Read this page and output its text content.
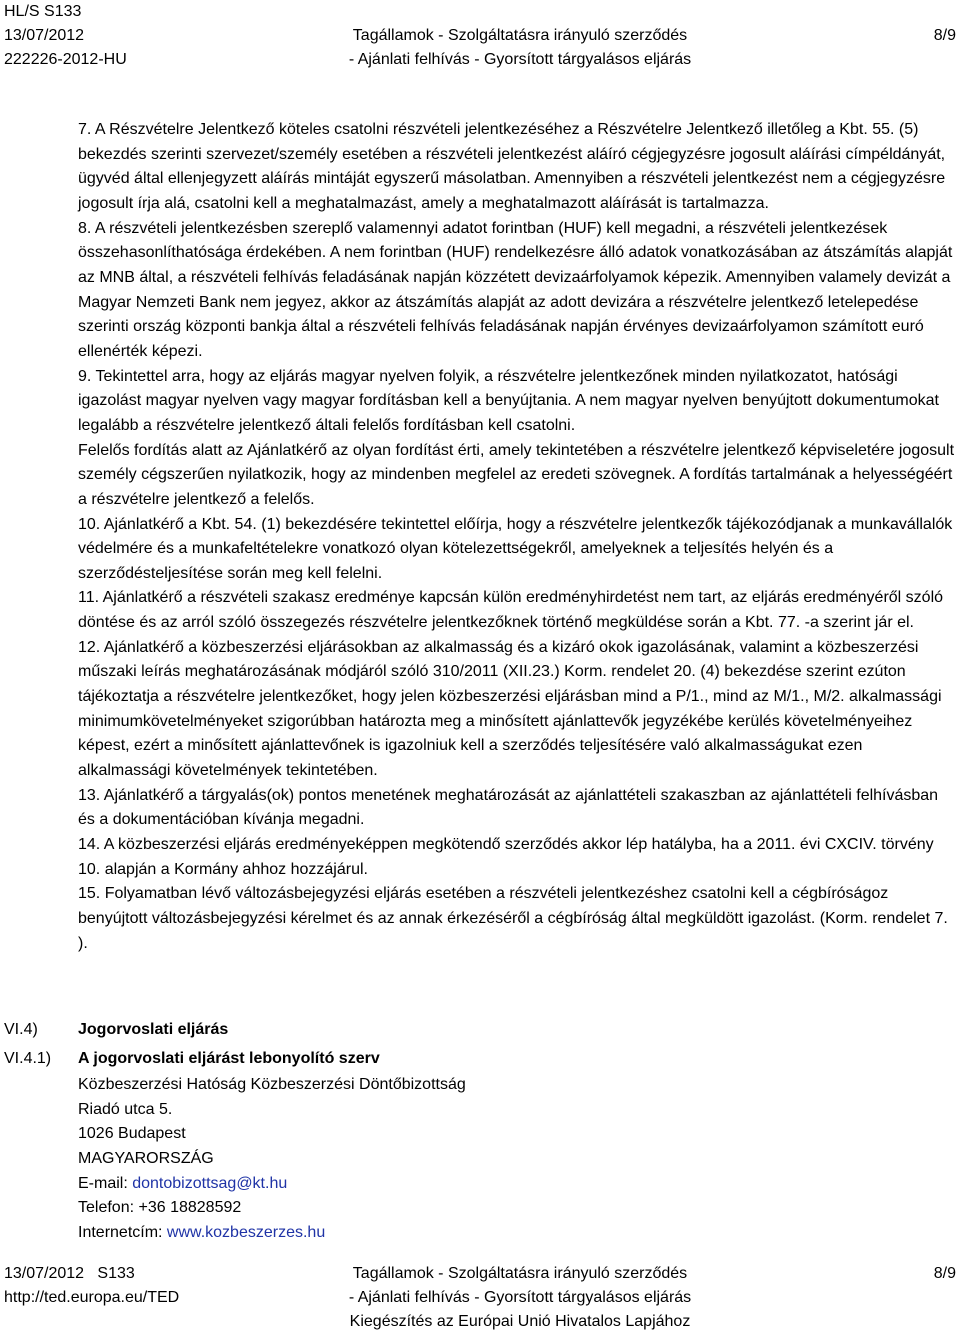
HL/S S133
13/07/2012
222226-2012-HU
Tagállamok - Szolgáltatásra irányuló szerződés
- Ajánlati felhívás - Gyorsított tárgyalásos eljárás
8/9

7. A Részvételre Jelentkező köteles csatolni részvételi jelentkezéséhez a Részvételre Jelentkező illetőleg a Kbt. 55. (5) bekezdés szerinti szervezet/személy esetében a részvételi jelentkezést aláíró cégjegyzésre jogosult aláírási címpéldányát, ügyvéd által ellenjegyzett aláírás mintáját egyszerű másolatban. Amennyiben a részvételi jelentkezést nem a cégjegyzésre jogosult írja alá, csatolni kell a meghatalmazást, amely a meghatalmazott aláírását is tartalmazza.

8. A részvételi jelentkezésben szereplő valamennyi adatot forintban (HUF) kell megadni, a részvételi jelentkezések összehasonlíthatósága érdekében. A nem forintban (HUF) rendelkezésre álló adatok vonatkozásában az átszámítás alapját az MNB által, a részvételi felhívás feladásának napján közzétett devizaárfolyamok képezik. Amennyiben valamely devizát a Magyar Nemzeti Bank nem jegyez, akkor az átszámítás alapját az adott devizára a részvételre jelentkező letelepedése szerinti ország központi bankja által a részvételi felhívás feladásának napján érvényes devizaárfolyamon számított euró ellenérték képezi.

9. Tekintettel arra, hogy az eljárás magyar nyelven folyik, a részvételre jelentkezőnek minden nyilatkozatot, hatósági igazolást magyar nyelven vagy magyar fordításban kell a benyújtania. A nem magyar nyelven benyújtott dokumentumokat legalább a részvételre jelentkező általi felelős fordításban kell csatolni.

Felelős fordítás alatt az Ajánlatkérő az olyan fordítást érti, amely tekintetében a részvételre jelentkező képviseletére jogosult személy cégszerűen nyilatkozik, hogy az mindenben megfelel az eredeti szövegnek. A fordítás tartalmának a helyességéért a részvételre jelentkező a felelős.

10. Ajánlatkérő a Kbt. 54. (1) bekezdésére tekintettel előírja, hogy a részvételre jelentkezők tájékozódjanak a munkavállalók védelmére és a munkafeltételekre vonatkozó olyan kötelezettségekről, amelyeknek a teljesítés helyén és a szerződésteljesítése során meg kell felelni.

11. Ajánlatkérő a részvételi szakasz eredménye kapcsán külön eredményhirdetést nem tart, az eljárás eredményéről szóló döntése és az arról szóló összegezés részvételre jelentkezőknek történő megküldése során a Kbt. 77. -a szerint jár el.

12. Ajánlatkérő a közbeszerzési eljárásokban az alkalmasság és a kizáró okok igazolásának, valamint a közbeszerzési műszaki leírás meghatározásának módjáról szóló 310/2011 (XII.23.) Korm. rendelet 20. (4) bekezdése szerint ezúton tájékoztatja a részvételre jelentkezőket, hogy jelen közbeszerzési eljárásban mind a P/1., mind az M/1., M/2. alkalmassági minimumkövetelményeket szigorúbban határozta meg a minősített ajánlattevők jegyzékébe kerülés követelményeihez képest, ezért a minősített ajánlattevőnek is igazolniuk kell a szerződés teljesítésére való alkalmasságukat ezen alkalmassági követelmények tekintetében.

13. Ajánlatkérő a tárgyalás(ok) pontos menetének meghatározását az ajánlattételi szakaszban az ajánlattételi felhívásban és a dokumentációban kívánja megadni.

14. A közbeszerzési eljárás eredményeképpen megkötendő szerződés akkor lép hatályba, ha a 2011. évi CXCIV. törvény 10. alapján a Kormány ahhoz hozzájárul.

15. Folyamatban lévő változásbejegyzési eljárás esetében a részvételi jelentkezéshez csatolni kell a cégbíróságoz benyújtott változásbejegyzési kérelmet és az annak érkezéséről a cégbíróság által megküldött igazolást. (Korm. rendelet 7. ).

VI.4)	Jogorvoslati eljárás
VI.4.1) A jogorvoslati eljárást lebonyolító szerv
Közbeszerzési Hatóság Közbeszerzési Döntőbizottság
Riadó utca 5.
1026 Budapest
MAGYARORSZÁG
E-mail: dontobizottsag@kt.hu
Telefon: +36 18828592
Internetcím: www.kozbeszerzes.hu
13/07/2012   S133
http://ted.europa.eu/TED
Tagállamok - Szolgáltatásra irányuló szerződés
- Ajánlati felhívás - Gyorsított tárgyalásos eljárás
Kiegészítés az Európai Unió Hivatalos Lapjához
8/9
